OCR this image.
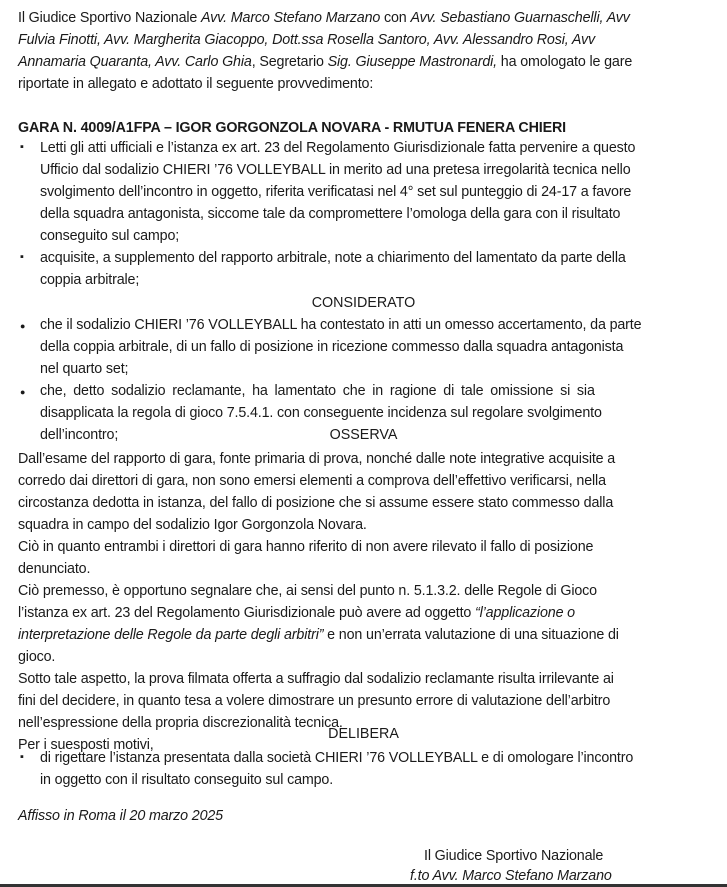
Il Giudice Sportivo Nazionale Avv. Marco Stefano Marzano con Avv. Sebastiano Guarnaschelli, Avv
Fulvia Finotti, Avv. Margherita Giacoppo, Dott.ssa Rosella Santoro, Avv. Alessandro Rosi, Avv
Annamaria Quaranta, Avv. Carlo Ghia, Segretario Sig. Giuseppe Mastronardi, ha omologato le gare
riportate in allegato e adottato il seguente provvedimento:
GARA N. 4009/A1FPA – IGOR GORGONZOLA NOVARA - RMUTUA FENERA CHIERI
▪ Letti gli atti ufficiali e l’istanza ex art. 23 del Regolamento Giurisdizionale fatta pervenire a questo
Ufficio dal sodalizio CHIERI ’76 VOLLEYBALL in merito ad una pretesa irregolarità tecnica nello
svolgimento dell’incontro in oggetto, riferita verificatasi nel 4° set sul punteggio di 24-17 a favore
della squadra antagonista, siccome tale da compromettere l’omologa della gara con il risultato
conseguito sul campo;
▪ acquisite, a supplemento del rapporto arbitrale, note a chiarimento del lamentato da parte della
coppia arbitrale;
CONSIDERATO
● che il sodalizio CHIERI ’76 VOLLEYBALL ha contestato in atti un omesso accertamento, da parte
della coppia arbitrale, di un fallo di posizione in ricezione commesso dalla squadra antagonista
nel quarto set;
● che, detto sodalizio reclamante, ha lamentato che in ragione di tale omissione si sia
disapplicata la regola di gioco 7.5.4.1. con conseguente incidenza sul regolare svolgimento
dell’incontro;	OSSERVA
Dall’esame del rapporto di gara, fonte primaria di prova, nonché dalle note integrative acquisite a
corredo dai direttori di gara, non sono emersi elementi a comprova dell’effettivo verificarsi, nella
circostanza dedotta in istanza, del fallo di posizione che si assume essere stato commesso dalla
squadra in campo del sodalizio Igor Gorgonzola Novara.
Ciò in quanto entrambi i direttori di gara hanno riferito di non avere rilevato il fallo di posizione
denunciato.
Ciò premesso, è opportuno segnalare che, ai sensi del punto n. 5.1.3.2. delle Regole di Gioco
l’istanza ex art. 23 del Regolamento Giurisdizionale può avere ad oggetto “l’applicazione o
interpretazione delle Regole da parte degli arbitri” e non un’errata valutazione di una situazione di
gioco.
Sotto tale aspetto, la prova filmata offerta a suffragio dal sodalizio reclamante risulta irrilevante ai
fini del decidere, in quanto tesa a volere dimostrare un presunto errore di valutazione dell’arbitro
nell’espressione della propria discrezionalità tecnica.
Per i suesposti motivi,
DELIBERA
▪ di rigettare l’istanza presentata dalla società CHIERI ’76 VOLLEYBALL e di omologare l’incontro
in oggetto con il risultato conseguito sul campo.
Affisso in Roma il 20 marzo 2025
Il Giudice Sportivo Nazionale
f.to Avv. Marco Stefano Marzano
